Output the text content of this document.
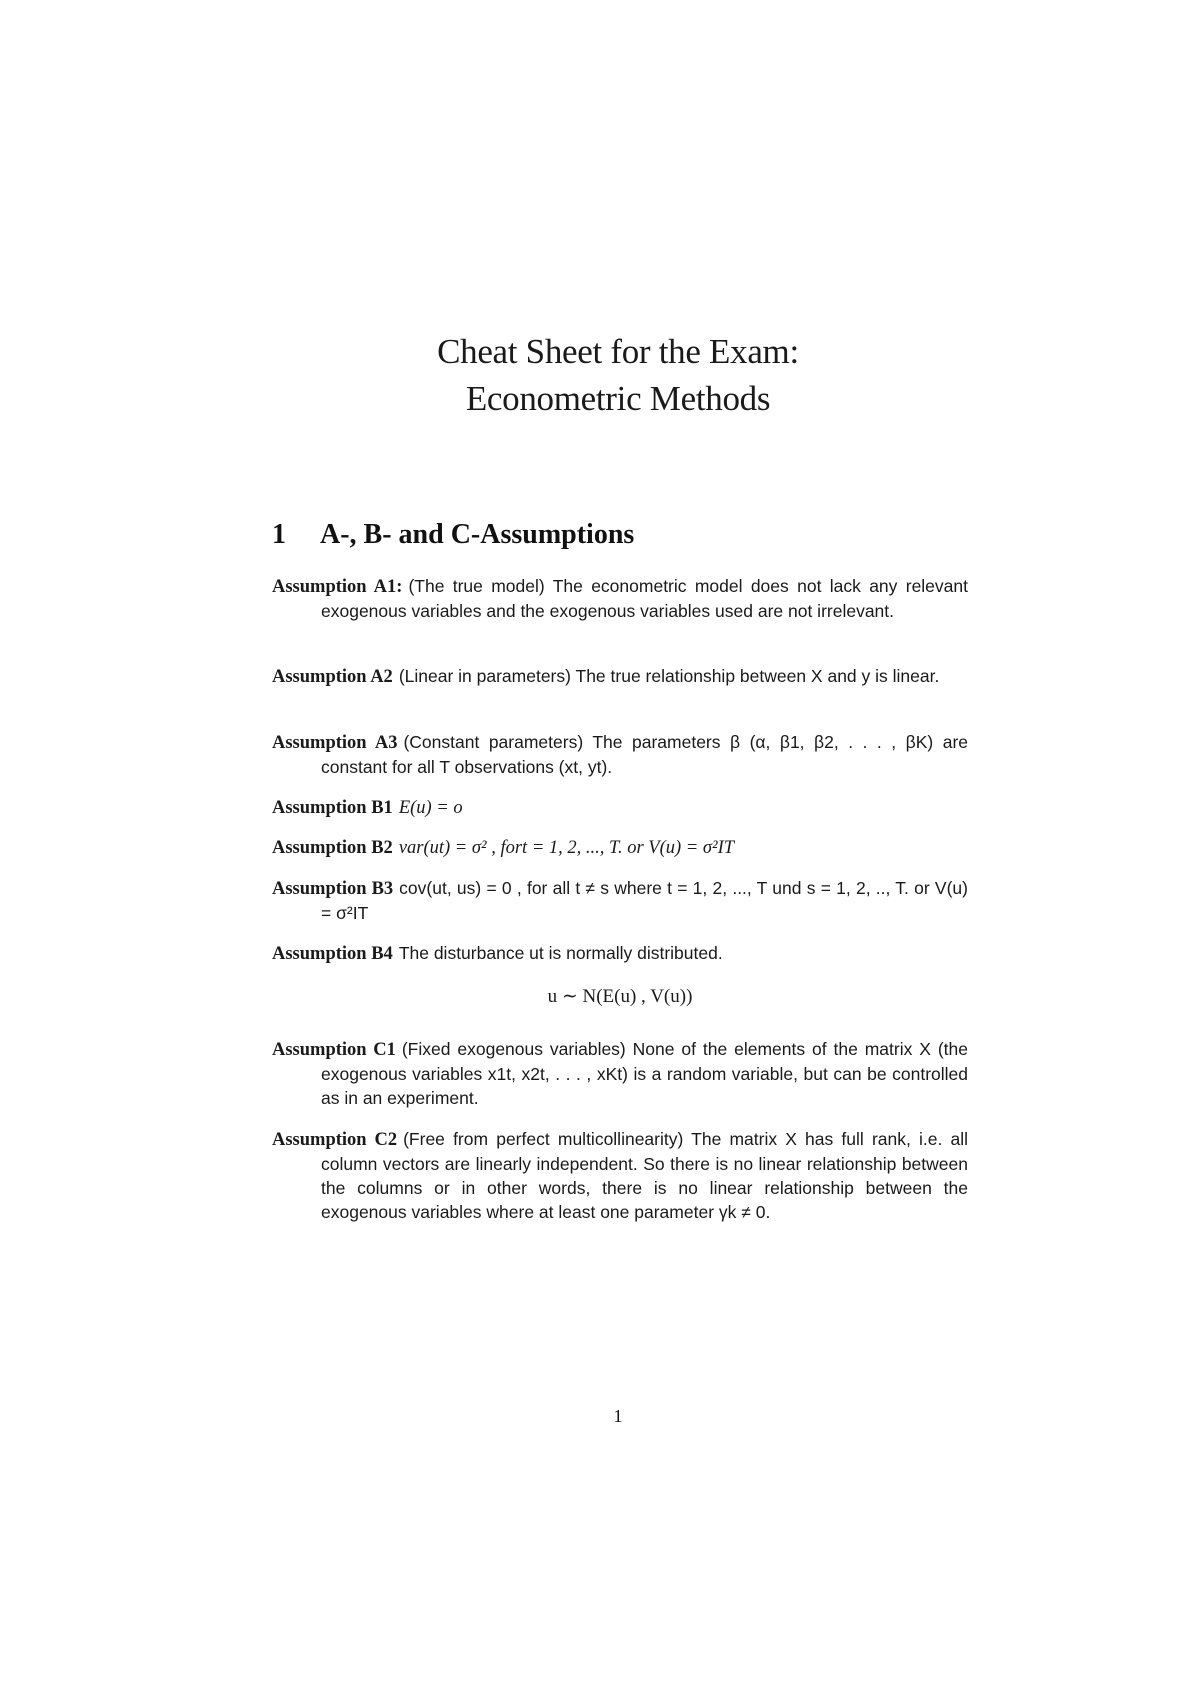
Cheat Sheet for the Exam:
Econometric Methods
1 A-, B- and C-Assumptions

Assumption A1: (The true model) The econometric model does not lack any relevant exogenous variables and the exogenous variables used are not irrelevant.

Assumption A2 (Linear in parameters) The true relationship between X and y is linear.

Assumption A3 (Constant parameters) The parameters β (α, β1, β2, . . . , βK) are constant for all T observations (xt, yt).

Assumption B1 E(u) = o

Assumption B2 var(ut) = σ² , fort = 1, 2, ..., T. or V(u) = σ²IT

Assumption B3 cov(ut, us) = 0 , for all t ≠ s where t = 1, 2, ..., T und s = 1, 2, .., T. or V(u) = σ²IT

Assumption B4 The disturbance ut is normally distributed.

u ∼ N(E(u) , V(u))

Assumption C1 (Fixed exogenous variables) None of the elements of the matrix X (the exogenous variables x1t, x2t, . . . , xKt) is a random variable, but can be controlled as in an experiment.

Assumption C2 (Free from perfect multicollinearity) The matrix X has full rank, i.e. all column vectors are linearly independent. So there is no linear relationship between the columns or in other words, there is no linear relationship between the exogenous variables where at least one parameter γk ≠ 0.

1
